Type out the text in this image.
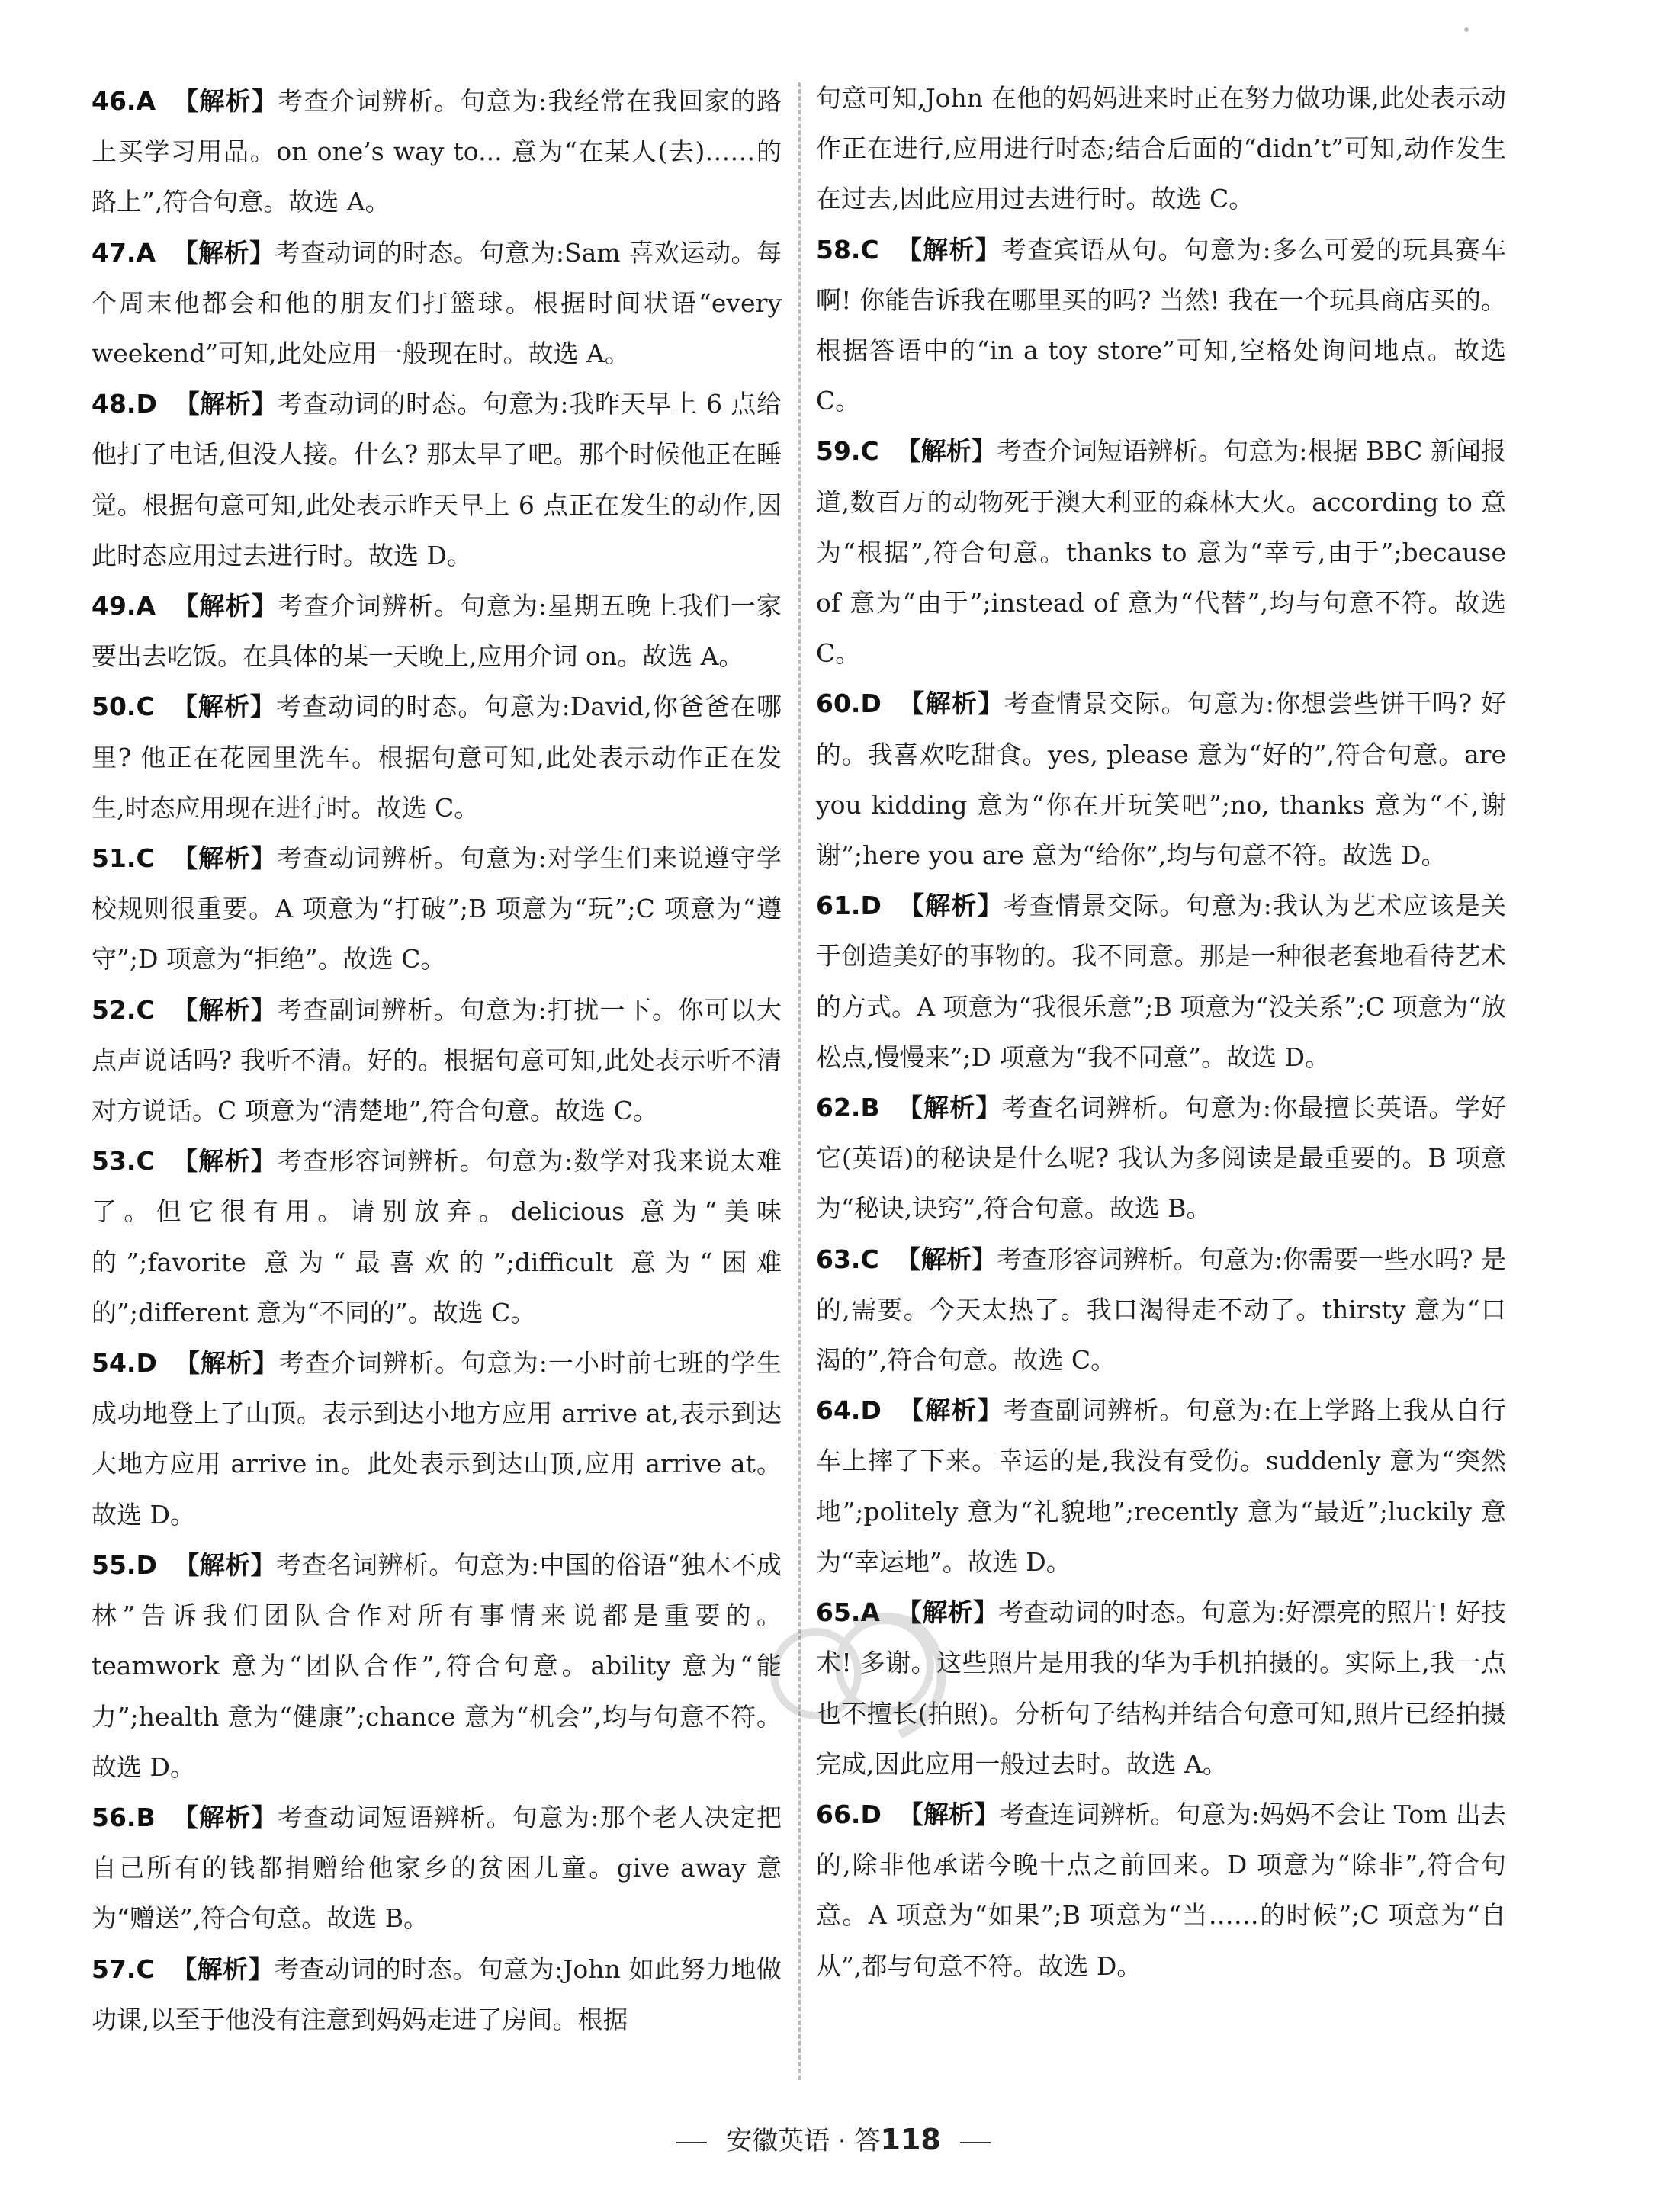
46.A 【解析】考查介词辨析。句意为:我经常在我回家的路上买学习用品。on one’s way to... 意为“在某人(去)……的路上”,符合句意。故选 A。
47.A 【解析】考查动词的时态。句意为:Sam 喜欢运动。每个周末他都会和他的朋友们打篮球。根据时间状语“every weekend”可知,此处应用一般现在时。故选 A。
48.D 【解析】考查动词的时态。句意为:我昨天早上 6 点给他打了电话,但没人接。什么? 那太早了吧。那个时候他正在睡觉。根据句意可知,此处表示昨天早上 6 点正在发生的动作,因此时态应用过去进行时。故选 D。
49.A 【解析】考查介词辨析。句意为:星期五晚上我们一家要出去吃饭。在具体的某一天晚上,应用介词 on。故选 A。
50.C 【解析】考查动词的时态。句意为:David,你爸爸在哪里? 他正在花园里洗车。根据句意可知,此处表示动作正在发生,时态应用现在进行时。故选 C。
51.C 【解析】考查动词辨析。句意为:对学生们来说遵守学校规则很重要。A 项意为“打破”;B 项意为“玩”;C 项意为“遵守”;D 项意为“拒绝”。故选 C。
52.C 【解析】考查副词辨析。句意为:打扰一下。你可以大点声说话吗? 我听不清。好的。根据句意可知,此处表示听不清对方说话。C 项意为“清楚地”,符合句意。故选 C。
53.C 【解析】考查形容词辨析。句意为:数学对我来说太难了。但它很有用。请别放弃。delicious 意为“美味的”;favorite 意为“最喜欢的”;difficult 意为“困难的”;different 意为“不同的”。故选 C。
54.D 【解析】考查介词辨析。句意为:一小时前七班的学生成功地登上了山顶。表示到达小地方应用 arrive at,表示到达大地方应用 arrive in。此处表示到达山顶,应用 arrive at。故选 D。
55.D 【解析】考查名词辨析。句意为:中国的俗语“独木不成林”告诉我们团队合作对所有事情来说都是重要的。teamwork 意为“团队合作”,符合句意。ability 意为“能力”;health 意为“健康”;chance 意为“机会”,均与句意不符。故选 D。
56.B 【解析】考查动词短语辨析。句意为:那个老人决定把自己所有的钱都捐赠给他家乡的贫困儿童。give away 意为“赠送”,符合句意。故选 B。
57.C 【解析】考查动词的时态。句意为:John 如此努力地做功课,以至于他没有注意到妈妈走进了房间。根据
句意可知,John 在他的妈妈进来时正在努力做功课,此处表示动作正在进行,应用进行时态;结合后面的“didn’t”可知,动作发生在过去,因此应用过去进行时。故选 C。
58.C 【解析】考查宾语从句。句意为:多么可爱的玩具赛车啊! 你能告诉我在哪里买的吗? 当然! 我在一个玩具商店买的。根据答语中的“in a toy store”可知,空格处询问地点。故选 C。
59.C 【解析】考查介词短语辨析。句意为:根据 BBC 新闻报道,数百万的动物死于澳大利亚的森林大火。according to 意为“根据”,符合句意。thanks to 意为“幸亏,由于”;because of 意为“由于”;instead of 意为“代替”,均与句意不符。故选 C。
60.D 【解析】考查情景交际。句意为:你想尝些饼干吗? 好的。我喜欢吃甜食。yes, please 意为“好的”,符合句意。are you kidding 意为“你在开玩笑吧”;no, thanks 意为“不,谢谢”;here you are 意为“给你”,均与句意不符。故选 D。
61.D 【解析】考查情景交际。句意为:我认为艺术应该是关于创造美好的事物的。我不同意。那是一种很老套地看待艺术的方式。A 项意为“我很乐意”;B 项意为“没关系”;C 项意为“放松点,慢慢来”;D 项意为“我不同意”。故选 D。
62.B 【解析】考查名词辨析。句意为:你最擅长英语。学好它(英语)的秘诀是什么呢? 我认为多阅读是最重要的。B 项意为“秘诀,诀窍”,符合句意。故选 B。
63.C 【解析】考查形容词辨析。句意为:你需要一些水吗? 是的,需要。今天太热了。我口渴得走不动了。thirsty 意为“口渴的”,符合句意。故选 C。
64.D 【解析】考查副词辨析。句意为:在上学路上我从自行车上摔了下来。幸运的是,我没有受伤。suddenly 意为“突然地”;politely 意为“礼貌地”;recently 意为“最近”;luckily 意为“幸运地”。故选 D。
65.A 【解析】考查动词的时态。句意为:好漂亮的照片! 好技术! 多谢。这些照片是用我的华为手机拍摄的。实际上,我一点也不擅长(拍照)。分析句子结构并结合句意可知,照片已经拍摄完成,因此应用一般过去时。故选 A。
66.D 【解析】考查连词辨析。句意为:妈妈不会让 Tom 出去的,除非他承诺今晚十点之前回来。D 项意为“除非”,符合句意。A 项意为“如果”;B 项意为“当……的时候”;C 项意为“自从”,都与句意不符。故选 D。
安徽英语 · 答118
